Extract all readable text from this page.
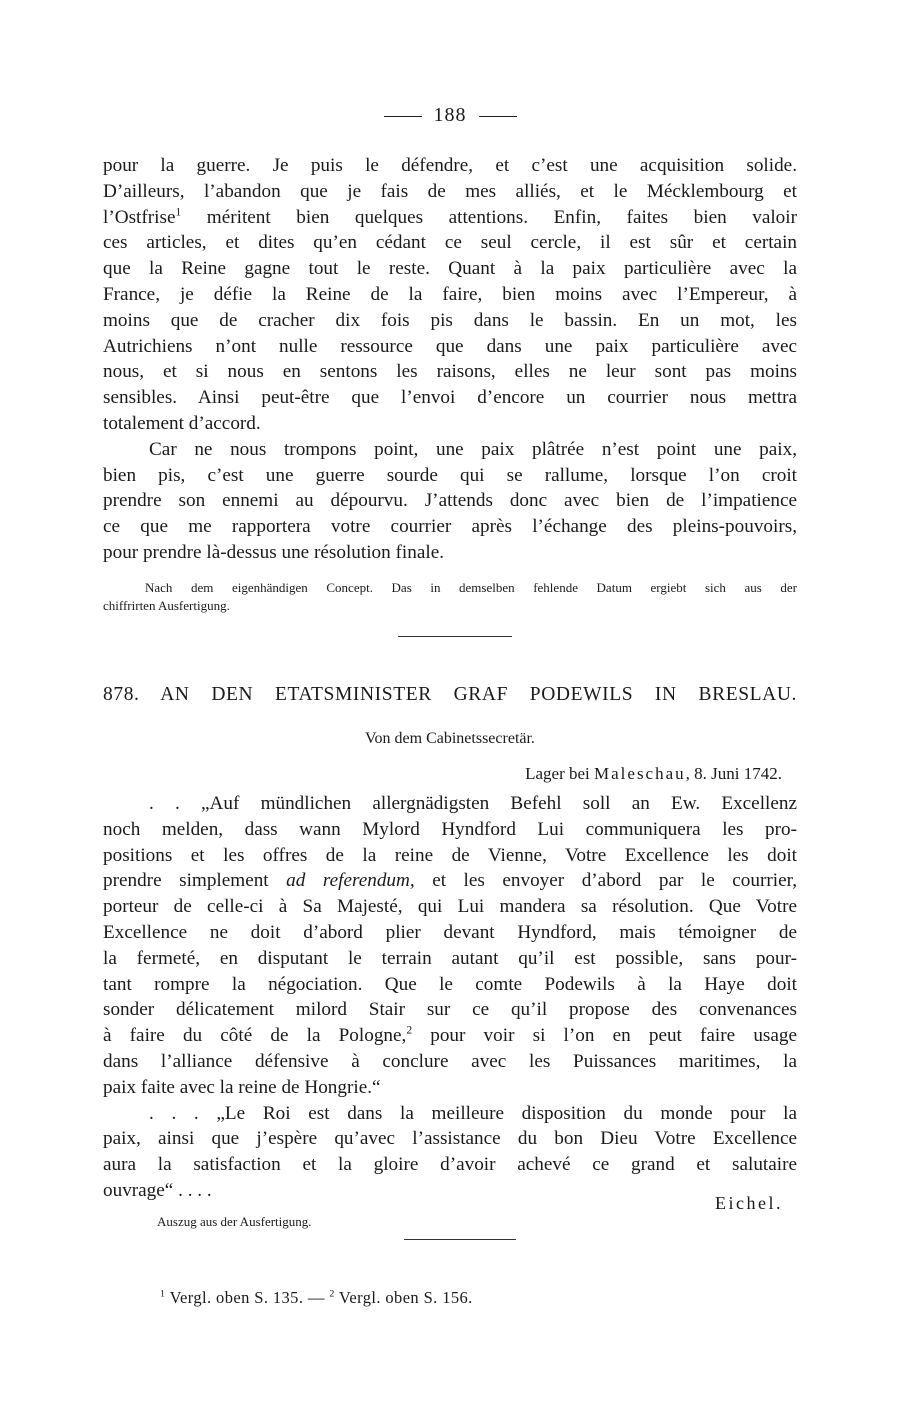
188
pour la guerre. Je puis le défendre, et c’est une acquisition solide.
D’ailleurs, l’abandon que je fais de mes alliés, et le Mécklembourg et
l’Ostfrise$^1$ méritent bien quelques attentions. Enfin, faites bien valoir
ces articles, et dites qu’en cédant ce seul cercle, il est sûr et certain
que la Reine gagne tout le reste. Quant à la paix particulière avec la
France, je défie la Reine de la faire, bien moins avec l’Empereur, à
moins que de cracher dix fois pis dans le bassin. En un mot, les
Autrichiens n’ont nulle ressource que dans une paix particulière avec
nous, et si nous en sentons les raisons, elles ne leur sont pas moins
sensibles. Ainsi peut-être que l’envoi d’encore un courrier nous mettra
totalement d’accord.
Car ne nous trompons point, une paix plâtrée n’est point une paix,
bien pis, c’est une guerre sourde qui se rallume, lorsque l’on croit
prendre son ennemi au dépourvu. J’attends donc avec bien de l’impatience
ce que me rapportera votre courrier après l’échange des pleins-pouvoirs,
pour prendre là-dessus une résolution finale.
Nach dem eigenhändigen Concept. Das in demselben fehlende Datum ergiebt sich aus der
chiffrirten Ausfertigung.
878. AN DEN ETATSMINISTER GRAF PODEWILS IN BRESLAU.
Von dem Cabinetssecretär.
Lager bei Maleschau, 8. Juni 1742.
. . „Auf mündlichen allergnädigsten Befehl soll an Ew. Excellenz
noch melden, dass wann Mylord Hyndford Lui communiquera les pro-
positions et les offres de la reine de Vienne, Votre Excellence les doit
prendre simplement ad referendum, et les envoyer d’abord par le courrier,
porteur de celle-ci à Sa Majesté, qui Lui mandera sa résolution. Que Votre
Excellence ne doit d’abord plier devant Hyndford, mais témoigner de
la fermeté, en disputant le terrain autant qu’il est possible, sans pour-
tant rompre la négociation. Que le comte Podewils à la Haye doit
sonder délicatement milord Stair sur ce qu’il propose des convenances
à faire du côté de la Pologne,$^2$ pour voir si l’on en peut faire usage
dans l’alliance défensive à conclure avec les Puissances maritimes, la
paix faite avec la reine de Hongrie.“
. . . „Le Roi est dans la meilleure disposition du monde pour la
paix, ainsi que j’espère qu’avec l’assistance du bon Dieu Votre Excellence
aura la satisfaction et la gloire d’avoir achevé ce grand et salutaire
ouvrage“ . . . .
Eichel.
Auszug aus der Ausfertigung.
$^1$ Vergl. oben S. 135. — $^2$ Vergl. oben S. 156.
